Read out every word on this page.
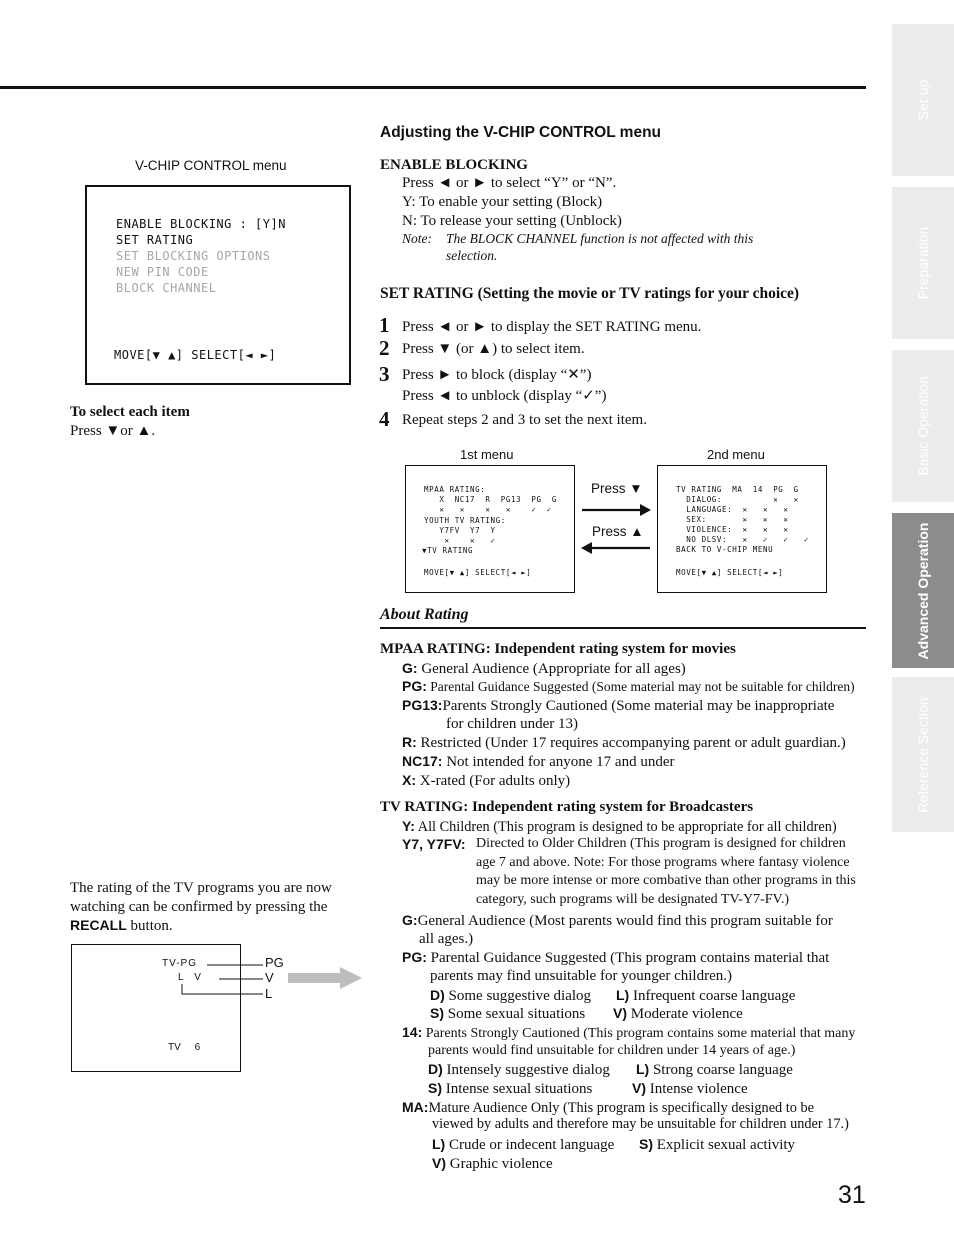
Set up
Preparation
Basic Operation
Advanced Operation
Reference Section
Adjusting the V-CHIP CONTROL menu
V-CHIP CONTROL menu
ENABLE BLOCKING : [Y]N
SET RATING
SET BLOCKING OPTIONS
NEW PIN CODE
BLOCK CHANNEL
MOVE[▼ ▲] SELECT[◄ ►]
To select each item
Press ▼or ▲.
ENABLE BLOCKING
Press ◄ or ► to select “Y” or “N”.
Y: To enable your setting (Block)
N: To release your setting (Unblock)
Note: The BLOCK CHANNEL function is not affected with this
selection.
SET RATING (Setting the movie or TV ratings for your choice)
1 Press ◄ or ► to display the SET RATING menu.
2 Press ▼ (or ▲) to select item.
3 Press ► to block (display “✕”)
Press ◄ to unblock (display “✓”)
4 Repeat steps 2 and 3 to set the next item.
1st menu	2nd menu
MPAA RATING:
X  NC17  R  PG13  PG  G
✕   ✕    ✕   ✕    ✓  ✓
YOUTH TV RATING:
Y7FV  Y7  Y
✕    ✕   ✓
▼TV RATING
MOVE[▼ ▲] SELECT[◄ ►]
Press ▼
Press ▲
TV RATING  MA  14  PG  G
DIALOG:          ✕   ✕
LANGUAGE:  ✕   ✕   ✕
SEX:       ✕   ✕   ✕
VIOLENCE:  ✕   ✕   ✕
NO DLSV:   ✕   ✓   ✓   ✓
BACK TO V-CHIP MENU
MOVE[▼ ▲] SELECT[◄ ►]
About Rating
MPAA RATING: Independent rating system for movies
G: General Audience (Appropriate for all ages)
PG: Parental Guidance Suggested (Some material may not be suitable for children)
PG13:Parents Strongly Cautioned (Some material may be inappropriate
for children under 13)
R: Restricted (Under 17 requires accompanying parent or adult guardian.)
NC17: Not intended for anyone 17 and under
X: X-rated (For adults only)
TV RATING: Independent rating system for Broadcasters
Y: All Children (This program is designed to be appropriate for all children)
Y7, Y7FV: Directed to Older Children (This program is designed for children
age 7 and above. Note: For those programs where fantasy violence
may be more intense or more combative than other programs in this
category, such programs will be designated TV-Y7-FV.)
G:General Audience (Most parents would find this program suitable for
all ages.)
PG: Parental Guidance Suggested (This program contains material that
parents may find unsuitable for younger children.)
D) Some suggestive dialog L) Infrequent coarse language
S) Some sexual situations V) Moderate violence
14: Parents Strongly Cautioned (This program contains some material that many
parents would find unsuitable for children under 14 years of age.)
D) Intensely suggestive dialog L) Strong coarse language
S) Intense sexual situations	V) Intense violence
MA:Mature Audience Only (This program is specifically designed to be
viewed by adults and therefore may be unsuitable for children under 17.)
L) Crude or indecent language S) Explicit sexual activity
V) Graphic violence
The rating of the TV programs you are now
watching can be confirmed by pressing the
RECALL button.
TV-PG
L    V
TV     6
PG
V
L
31
